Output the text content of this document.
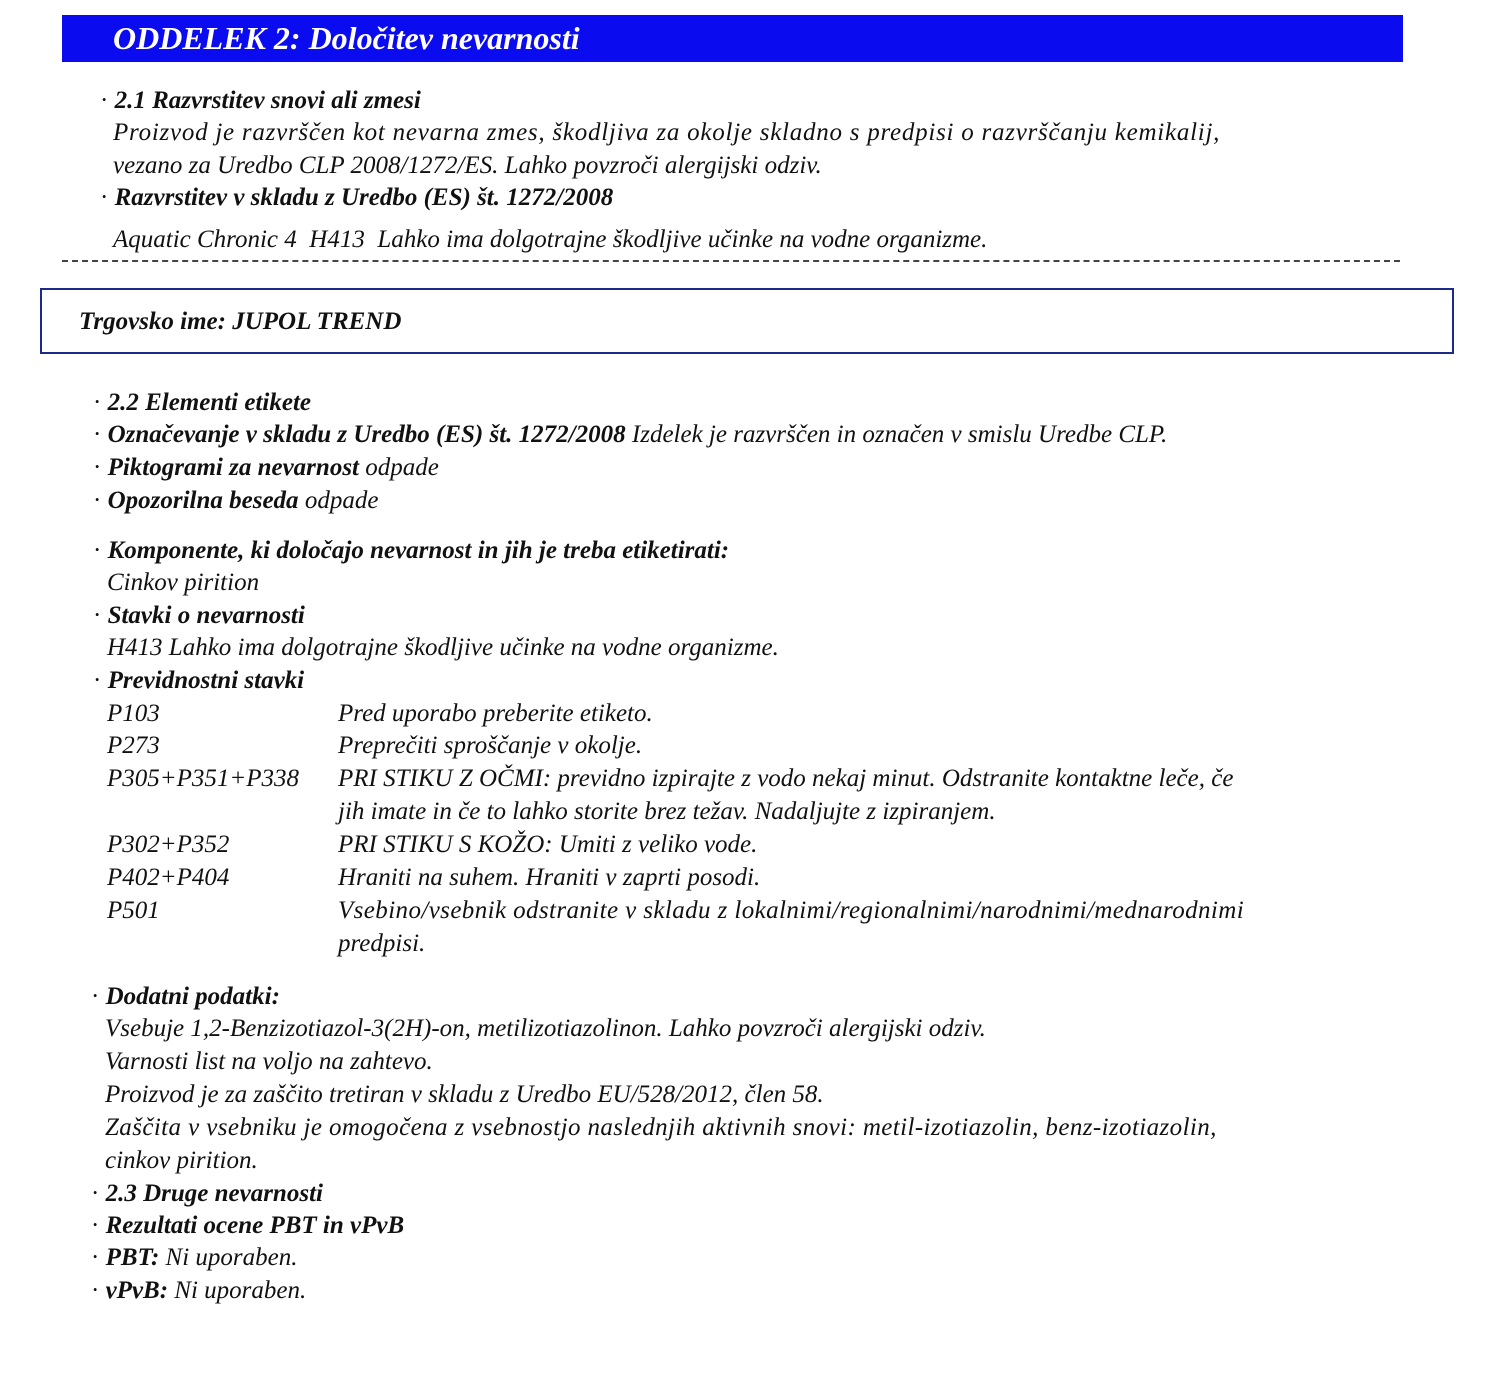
ODDELEK 2: Določitev nevarnosti
· 2.1 Razvrstitev snovi ali zmesi
Proizvod je razvrščen kot nevarna zmes, škodljiva za okolje skladno s predpisi o razvrščanju kemikalij,
vezano za Uredbo CLP 2008/1272/ES. Lahko povzroči alergijski odziv.
· Razvrstitev v skladu z Uredbo (ES) št. 1272/2008
Aquatic Chronic 4  H413  Lahko ima dolgotrajne škodljive učinke na vodne organizme.
Trgovsko ime: JUPOL TREND
· 2.2 Elementi etikete
· Označevanje v skladu z Uredbo (ES) št. 1272/2008 Izdelek je razvrščen in označen v smislu Uredbe CLP.
· Piktogrami za nevarnost odpade
· Opozorilna beseda odpade
· Komponente, ki določajo nevarnost in jih je treba etiketirati:
Cinkov pirition
· Stavki o nevarnosti
H413 Lahko ima dolgotrajne škodljive učinke na vodne organizme.
· Previdnostni stavki
P103	Pred uporabo preberite etiketo.
P273	Preprečiti sproščanje v okolje.
P305+P351+P338 PRI STIKU Z OČMI: previdno izpirajte z vodo nekaj minut. Odstranite kontaktne leče, če
jih imate in če to lahko storite brez težav. Nadaljujte z izpiranjem.
P302+P352	PRI STIKU S KOŽO: Umiti z veliko vode.
P402+P404	Hraniti na suhem. Hraniti v zaprti posodi.
P501	Vsebino/vsebnik odstranite v skladu z lokalnimi/regionalnimi/narodnimi/mednarodnimi
predpisi.
· Dodatni podatki:
Vsebuje 1,2-Benzizotiazol-3(2H)-on, metilizotiazolinon. Lahko povzroči alergijski odziv.
Varnosti list na voljo na zahtevo.
Proizvod je za zaščito tretiran v skladu z Uredbo EU/528/2012, člen 58.
Zaščita v vsebniku je omogočena z vsebnostjo naslednjih aktivnih snovi: metil-izotiazolin, benz-izotiazolin,
cinkov pirition.
· 2.3 Druge nevarnosti
· Rezultati ocene PBT in vPvB
· PBT: Ni uporaben.
· vPvB: Ni uporaben.
